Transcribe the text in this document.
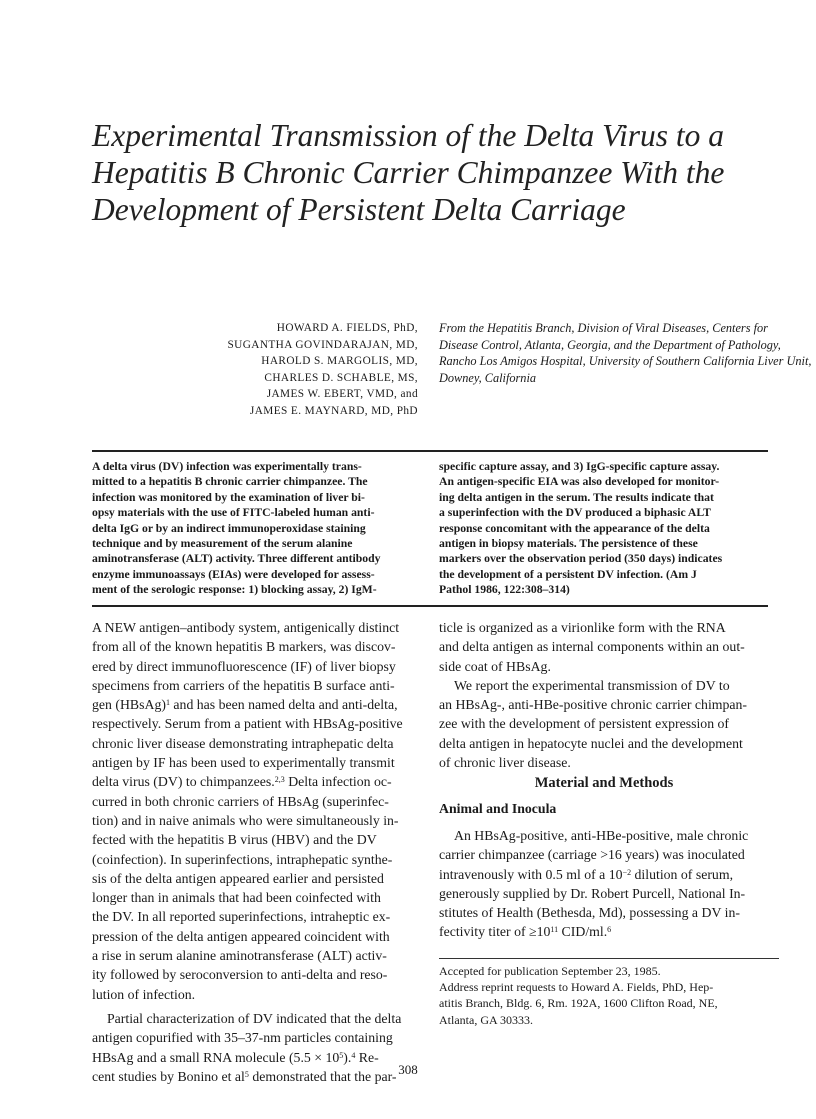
Experimental Transmission of the Delta Virus to a
Hepatitis B Chronic Carrier Chimpanzee With the
Development of Persistent Delta Carriage
HOWARD A. FIELDS, PhD,
SUGANTHA GOVINDARAJAN, MD,
HAROLD S. MARGOLIS, MD,
CHARLES D. SCHABLE, MS,
JAMES W. EBERT, VMD, and
JAMES E. MAYNARD, MD, PhD
From the Hepatitis Branch, Division of Viral Diseases, Centers for
Disease Control, Atlanta, Georgia, and the Department of Pathology,
Rancho Los Amigos Hospital, University of Southern California Liver Unit,
Downey, California
A delta virus (DV) infection was experimentally trans-
mitted to a hepatitis B chronic carrier chimpanzee. The
infection was monitored by the examination of liver bi-
opsy materials with the use of FITC-labeled human anti-
delta IgG or by an indirect immunoperoxidase staining
technique and by measurement of the serum alanine
aminotransferase (ALT) activity. Three different antibody
enzyme immunoassays (EIAs) were developed for assess-
ment of the serologic response: 1) blocking assay, 2) IgM-
specific capture assay, and 3) IgG-specific capture assay.
An antigen-specific EIA was also developed for monitor-
ing delta antigen in the serum. The results indicate that
a superinfection with the DV produced a biphasic ALT
response concomitant with the appearance of the delta
antigen in biopsy materials. The persistence of these
markers over the observation period (350 days) indicates
the development of a persistent DV infection. (Am J
Pathol 1986, 122:308–314)
A NEW antigen–antibody system, antigenically distinct
from all of the known hepatitis B markers, was discov-
ered by direct immunofluorescence (IF) of liver biopsy
specimens from carriers of the hepatitis B surface anti-
gen (HBsAg)$^1$ and has been named delta and anti-delta,
respectively. Serum from a patient with HBsAg-positive
chronic liver disease demonstrating intraphepatic delta
antigen by IF has been used to experimentally transmit
delta virus (DV) to chimpanzees.$^{2,3}$ Delta infection oc-
curred in both chronic carriers of HBsAg (superinfec-
tion) and in naive animals who were simultaneously in-
fected with the hepatitis B virus (HBV) and the DV
(coinfection). In superinfections, intraphepatic synthe-
sis of the delta antigen appeared earlier and persisted
longer than in animals that had been coinfected with
the DV. In all reported superinfections, intraheptic ex-
pression of the delta antigen appeared coincident with
a rise in serum alanine aminotransferase (ALT) activ-
ity followed by seroconversion to anti-delta and reso-
lution of infection.
Partial characterization of DV indicated that the delta
antigen copurified with 35–37-nm particles containing
HBsAg and a small RNA molecule $(5.5 \times 10^5).^4$ Re-
cent studies by Bonino et $al^5$ demonstrated that the par-
ticle is organized as a virionlike form with the RNA
and delta antigen as internal components within an out-
side coat of HBsAg.
We report the experimental transmission of DV to
an HBsAg-, anti-HBe-positive chronic carrier chimpan-
zee with the development of persistent expression of
delta antigen in hepatocyte nuclei and the development
of chronic liver disease.
Material and Methods
Animal and Inocula
An HBsAg-positive, anti-HBe-positive, male chronic
carrier chimpanzee (carriage >16 years) was inoculated
intravenously with 0.5 ml of a $10^{-2}$ dilution of serum,
generously supplied by Dr. Robert Purcell, National In-
stitutes of Health (Bethesda, Md), possessing a DV in-
fectivity titer of $\ge 10^{11}$ CID/ml.$^6$
Accepted for publication September 23, 1985.
Address reprint requests to Howard A. Fields, PhD, Hep-
atitis Branch, Bldg. 6, Rm. 192A, 1600 Clifton Road, NE,
Atlanta, GA 30333.
308
